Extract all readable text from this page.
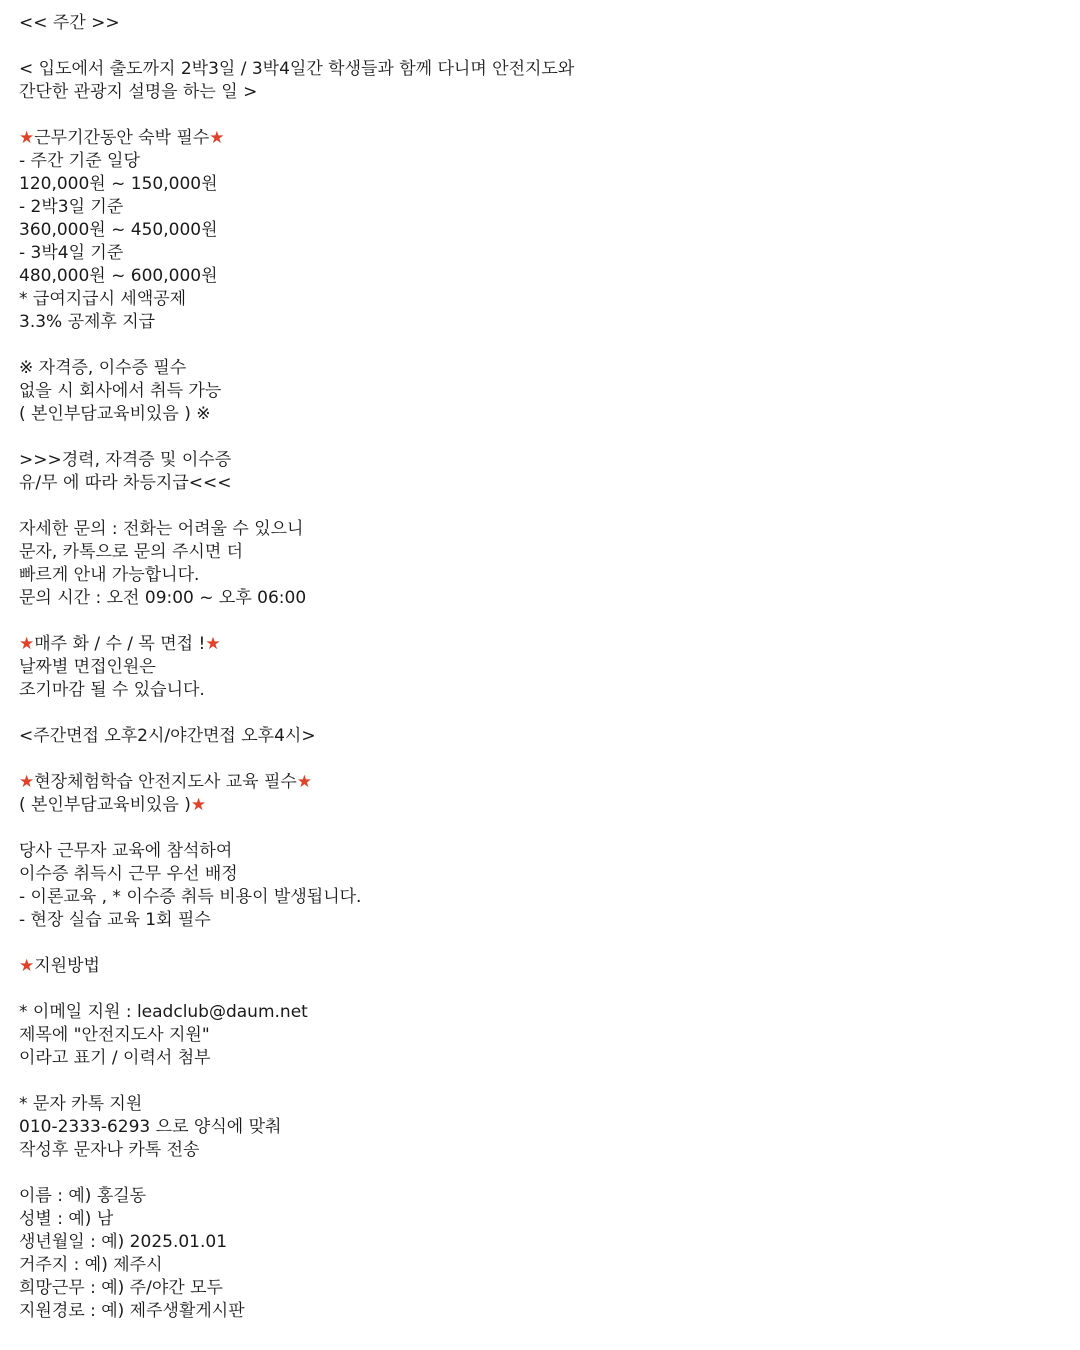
<< 주간 >>
< 입도에서 출도까지 2박3일 / 3박4일간 학생들과 함께 다니며 안전지도와
간단한 관광지 설명을 하는 일 >
★근무기간동안 숙박 필수★
- 주간 기준 일당
120,000원 ~ 150,000원
- 2박3일 기준
360,000원 ~ 450,000원
- 3박4일 기준
480,000원 ~ 600,000원
* 급여지급시 세액공제
3.3% 공제후 지급
※ 자격증, 이수증 필수
없을 시 회사에서 취득 가능
( 본인부담교육비있음 ) ※
>>>경력, 자격증 및 이수증
유/무 에 따라 차등지급<<<
자세한 문의 : 전화는 어려울 수 있으니
문자, 카톡으로 문의 주시면 더
빠르게 안내 가능합니다.
문의 시간 : 오전 09:00 ~ 오후 06:00
★매주 화 / 수 / 목 면접 !★
날짜별 면접인원은
조기마감 될 수 있습니다.
<주간면접 오후2시/야간면접 오후4시>
★현장체험학습 안전지도사 교육 필수★
( 본인부담교육비있음 )★
당사 근무자 교육에 참석하여
이수증 취득시 근무 우선 배정
- 이론교육 , * 이수증 취득 비용이 발생됩니다.
- 현장 실습 교육 1회 필수
★지원방법
* 이메일 지원 : leadclub@daum.net
제목에 "안전지도사 지원"
이라고 표기 / 이력서 첨부
* 문자 카톡 지원
010-2333-6293 으로 양식에 맞춰
작성후 문자나 카톡 전송
이름 : 예) 홍길동
성별 : 예) 남
생년월일 : 예) 2025.01.01
거주지 : 예) 제주시
희망근무 : 예) 주/야간 모두
지원경로 : 예) 제주생활게시판
